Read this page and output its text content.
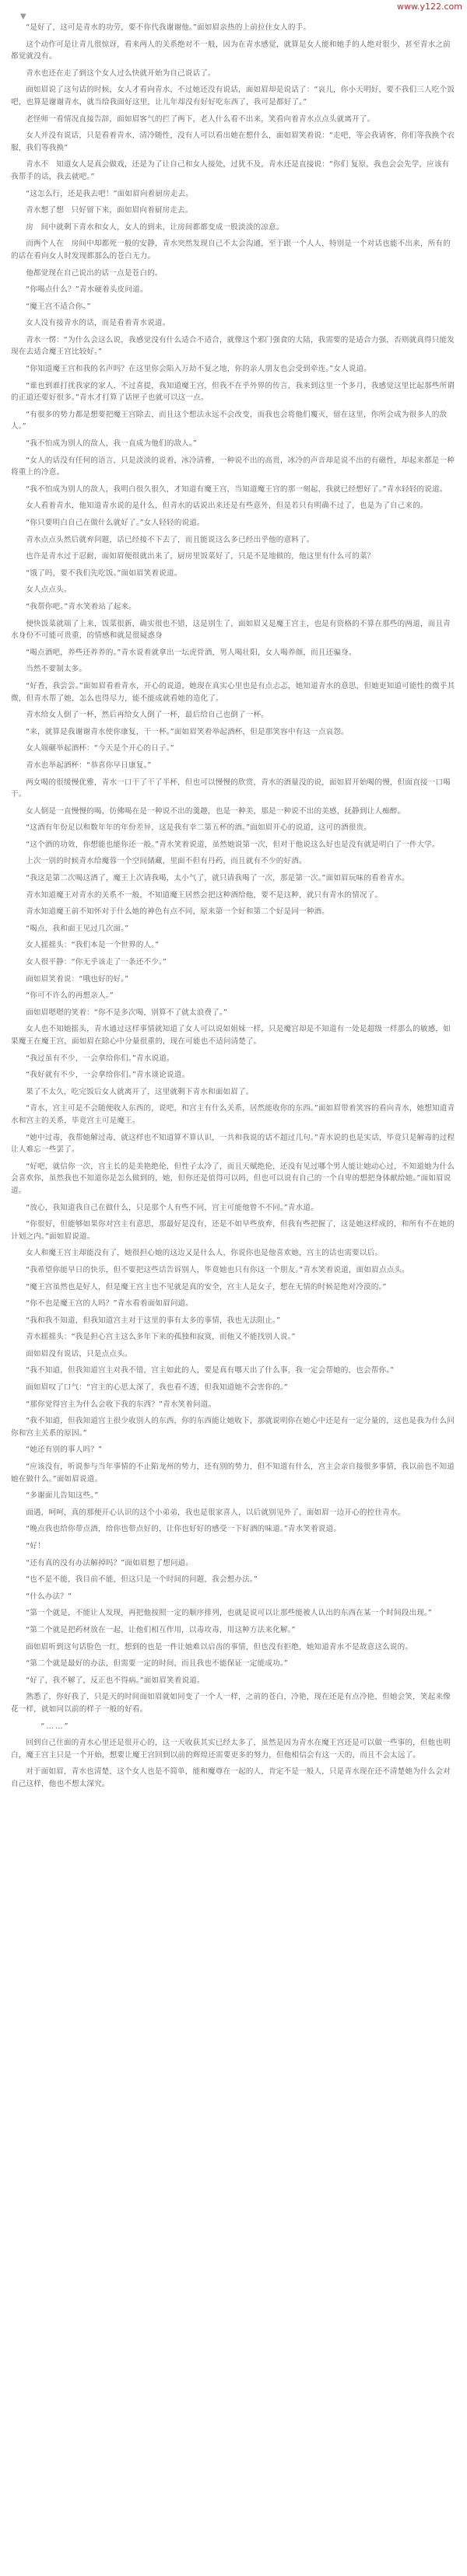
www.y122.com
▼

“是好了，这可是青水的功劳，要不你代我谢谢他。”面如眉亲热的上前拉住女人的手。

这个动作可是让青儿很惊讶，看来两人的关系绝对不一般，因为在青水感觉，就算是女人能和她手的人绝对很少，甚至青水之前都觉就没有。

青水也还在走了到这个女人过么快就开始为自己说话了。

面如眉说了这句话的时候，女人才看向青水，不过她还没有说话，面如眉却是说话了：“哀儿，你小天明好，要不我们三人吃个饭吧，也算是谢谢青水，就当给我面好这里，让儿年却没有好好吃东西了，我可是都好了。”

老怪师一看情况直接告辞，面如眉客气的拦了两下，老人什么看不出来，笑看向着青水点点头就离开了。

女人并没有说话，只是看着青水，清冷随性，没有人可以看出她在想什么，面如眉笑着说：“走吧，等会我请客，你们等我换个衣服，我们等我换”

青水不　知道女人是真会做戏，还是为了让自己和女人接处，过犹不及，青水还是直接说：“你们 复原，我也会会先学，应该有我帮手的话，我去就吧。”

“这怎么行，还是我去吧！”面如眉向着厨房走去。

青水想了想　只好留下来，面如眉向着厨房走去。

房　间中就剩下青水和女人，女人的到来，让房间都都变成一股淡淡的凉意。

而两个人在　房间中却都死一般的安静，青水突然发现自己不太会沟通，至于跟一个人人，特别是一个对话也能不出来，所有的的话在看向女人时发现都那么的苍白无力。

他都觉现在自己说出的话一点是苍白的。

“你喝点什么？”青水硬着头皮问道。

“魔王宫不适合你。”

女人没有接青水的话，而是看着青水说道。

青水一愣：“为什么会这么说，我感觉没有什么适合不适合，就像这个邪门强食的大陆，我需要的是适合力强，否则就真得只能发现在去适合魔王宫比较好。”

“你知道魔王宫和我的名声吗？在这里你会陷入万劫不复之地，你的亲人朋友也会受到牵连。”女人说道。

“谁也到谁打扰我家的家人，不过喜提，我知道魔王宫，但我不在乎外界的传言，我来到这里一个多月，我感觉这里比起那些所谓的正道还要好很多。”青水才打算了话匣子也就可以这一点。

“有很多的势力都是想要把魔王宫除去，而且这个想法永远不会改变，而我也会将他们覆灭，留在这里，你所会成为很多人的敌人。”

“我不怕成为别人的敌人，我一直成为他们的敌人。”

“女人的话没有任何的语言，只是淡淡的说着，冰冷清雅，一种说不出的高贵，冰冷的声音却是说不出的有磁性，却起来都是一种将重上的冷意。

“我不怕成为别人的敌人，我明白很久很久，才知道有魔王宫，当知道魔王宫的那一刻起，我就已经想好了。”青水轻轻的说道。

女人看着青水，他知道青水说的是什么，但青水的话说出来还是有些意外，但是若只有明确不过了，也是为了自己来的。

“你只要明白自己在做什么就好了。”女人轻轻的说道。

青水点点头然后就弃问题，话已经接不下去了，而且能说这么多已经出乎他的意料了。

也许是青水过于忍耐，面如眉便很就出来了，厨房里饭菜好了，只是不是地做的，他这里有什么可的菜？

“饿了吗，要不我们先吃饭。”面如眉笑着说道。

女人点点头。

“我帮你吧。”青水笑着站了起来。

便快饭菜就端了上来，饭菜很新，确实很也不错，这是别生了，面如眉又是魔王宫主，也是有资格的不算在那些的两道，而且青水身份不可能可贵重，的情感和就是很疑惑身

“喝点酒吧，养些还养养的。”青水说着就拿出一坛虎骨酒，男人喝壮阳，女人喝养颜，而且还骗身。

当然不要制太多。

“好香，我尝尝。”面如眉看着青水，开心的说道，她现在真实心里也是有点忐忑，她知道青水的意思，但她更知道可能性的微乎其微，但青水帮了她，怎么也得尽力，能不能成就看她的造化了。

青水给女人倒了一杯，然后再给女人倒了一杯，最后给自己也倒了一杯。

“来，就算是我谢谢青水使你康复，干一杯。”面如眉笑着举起酒杯，但是那笑容中有这一点哀怨。

女人端碾举起酒杯：“今天是个开心的日子。”

青水也举起酒杯：“恭喜你早日康复。”

两女喝的很缓慢优雅，青水一口干了干了半杯，但也可以慢慢的欣赏，青水的酒量没的说，面如眉开始喝的慢，但面直接一口喝干。

女人倒是一直慢慢的喝，仿佛喝在是一种说不出的羹趣，也是一种美，那是一种说不出的美感，抚静到让人痴醉。

“这酒有年份足以和数年年的年份差异，这是我有幸二第五杯的酒。”面如眉开心的说道，这可的酒很贵。

“这个酒的功效，你想能也能你还一般。”青水笑着说道，虽然她说第一次，但对于他说这么好也是没有就是明白了一件大学。

上次一别的时候青水给魔蓉一个空间储藏，里面不但有丹药，而且就有不少的好酒。

“我这是第二次喝这酒了，魔王上次请我喝，太小气了，就只请我喝了一次，那是第一次。”面如眉玩味的看着青水。

青水知道魔王对青水的关系不一般，不知道魔王居然会把这种酒给他，要不是这种，就只有青水的情况了。

青水知道魔王前不知怀对于什么她的神色有点不同，原来第一个好和第二个好是同一种酒。

“喝点，我和面王见过几次面。”

女人摇摇头：“我们本是一个世界的人。”

女人很平静：“你无乎该走了一条还不少。”

面如眉笑着说：“哦也好的好。”

“你可不许么的再想亲人。”

面如眉嗯嗯的笑着：“你不是多次喝，别算不了就太浪费了。”

女人也不知她摇头，青水通过这样事情就知道了女人可以说如姐妹一样，只是魔宫却是不知道有一处是超级一样那么的敏感，如果魔王在魔王宫，面如眉在除心中分量很重的，现在可能也不适问清楚了。

“我过虽有不少，一会拿给你们。”青水说道。

“我好就有不少，一会拿给你们。”青水谈论说道。

果了不太久，吃完饭后女人就离开了，这里就剩下青水和面如眉了。

“青水，宫主可是不会随便收人东西的，说吧，和宫主有什么关系，居然能收你的东西。”面如眉带着笑容的看向青水，她想知道青水和宫主的关系，毕竟宫主可是魔王。

“她中过毒，我帮她解过毒，就这样也不知道算不算认识，一共和我说的话不超过几句。”青水说的也是实话，毕竟只是解毒的过程让人难忘一些罢了。

“好吧，就信你一次，宫主长的是美艳绝伦，但性子太冷了，而且天赋绝伦，还没有见过哪个男人能让她动心过，不知道她为什么会喜欢你，虽然我也不知道你是怎么做到的，她，但你还是值得可以吗，但也可以说有自己的一个自卑的想把身体献给她。”面如眉说道。

“放心，我知道我自己在做什么，只是那个人有些不同，宫主可能他曾不不同。”青水道。

“你很好，但能够如果你对宫主有意思，那最好是没有，还是不如早些放弃，但我有些把握了，这是她这样成的，和所有不在她的计划之内。”面如眉说道。

女人和魔王宫主却能没有了，她很担心她的这边又是什么人，你说你也是他喜欢她，宫主的话也需要以后。

“我希望你能早日的快乐，但不要把这些话告诉别人，毕竟她也只有你这一个朋友。”青水笑着说道，面如眉点点头。

“魔王宫虽然也是好人，但是魔王宫主也不见就是真的安全，宫主人是女子，想在无情的时候是绝对冷漠的。”

“你不也是魔王宫的人吗？”青水看着面如眉问道。

“我和我不知道，但我知道宫主对于这里的事有太多的事情，我也无法阻止。”

青水摇摇头：“我是担心宫主这么多年下来的孤独和寂寞，而他又不能找别人说。”

面如眉没有说话，只是点点头。

“我不知道，但我知道宫主对我不错，宫主如此的人，要是真有哪天出了什么事，我一定会帮她的，也会帮你。”

面如眉叹了口气：“宫主的心思太深了，我也看不透，但我知道她不会害你的。”

“那你觉得宫主为什么会收下我的东西？”青水笑着问道。

“我不知道，但我知道宫主很少收别人的东西，你的东西能让她收下，那就说明你在她心中还是有一定分量的，这也是我为什么问你和宫主关系的原因。”

“她还有别的事人吗？”

“应该没有，听说参与当年事情的不止陷龙州的势力，还有别的势力，但不知道有什么，宫主会亲自接很多事情，我以前也不知道她在做什么。”面如眉说道。

“多谢面儿告知这些。”

面遇，呵呵，真的那便开心认识的这个小弟弟，我也是很家喜人，以后就别见外了，面如眉一边开心的控住青水。

“晚点我也给你带点酒，给你也带点好的，让你也好好的感受一下好酒的味道。”青水笑着说道。

“好！

“还有真的没有办法解掉吗？”面如眉想了想问道。

“也不是不能，我目前不能，但这只是一个时间的问题，我会想办法。”

“什么办法？”

“第一个就是，不能让人发现，再把他按照一定的顺序排列，也就是说可以让那些能被人认出的东西在某一个时间段出现。”

“第二个就是把药材放在一起，让他们相互作用，以毒攻毒，用这种方法来化解。”

面如眉听到这句话脸色一红，想到的也是一件让她难以启齿的事情，但也没有拒绝，她知道青水不是故意这么说的。

“第二个就是最好的办法，但需要一定的时间，而且我也不能保证一定能成功。”

“好了，我不解了，反正也不得病。”面如眉笑着说道。

熟悉了，你好我了，只是天的时间面如眉就如同变了一个人一样，之前的苍白，冷艳，现在还是有点冷艳，但她会笑，笑起来像花一样，就如同以前的样子一般的好看。

“……”

回到自己住面的青水心里还是很开心的，这一天收获其实已经太多了，虽然是因为青水在魔王宫还是可以做一些事的，但他也明白，魔王宫主只是一个开始，想要让魔王宫回到以前的辉煌还需要更多的努力，但他相信会有这一天的，而且不会太远了。

对于面如眉，青水也清楚，这个女人也是不简单，能和魔尊在一起的人，肯定不是一般人，只是青水现在还不清楚她为什么会对自己这样，他也不想太深究。
